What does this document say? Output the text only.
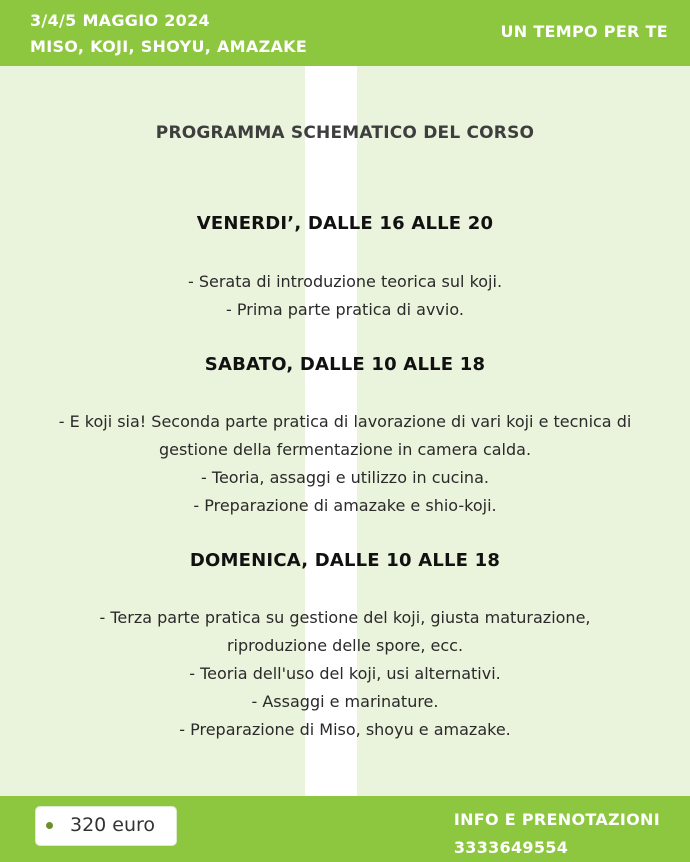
3/4/5 MAGGIO 2024
MISO, KOJI, SHOYU, AMAZAKE
UN TEMPO PER TE
PROGRAMMA SCHEMATICO DEL CORSO
VENERDI’, DALLE 16 ALLE 20
- Serata di introduzione teorica sul koji.
- Prima parte pratica di avvio.
SABATO, DALLE 10 ALLE 18
- E koji sia! Seconda parte pratica di lavorazione di vari koji e tecnica di
gestione della fermentazione in camera calda.
- Teoria, assaggi e utilizzo in cucina.
- Preparazione di amazake e shio-koji.
DOMENICA, DALLE 10 ALLE 18
- Terza parte pratica su gestione del koji, giusta maturazione,
riproduzione delle spore, ecc.
- Teoria dell'uso del koji, usi alternativi.
- Assaggi e marinature.
- Preparazione di Miso, shoyu e amazake.
320 euro	INFO E PRENOTAZIONI
3333649554
